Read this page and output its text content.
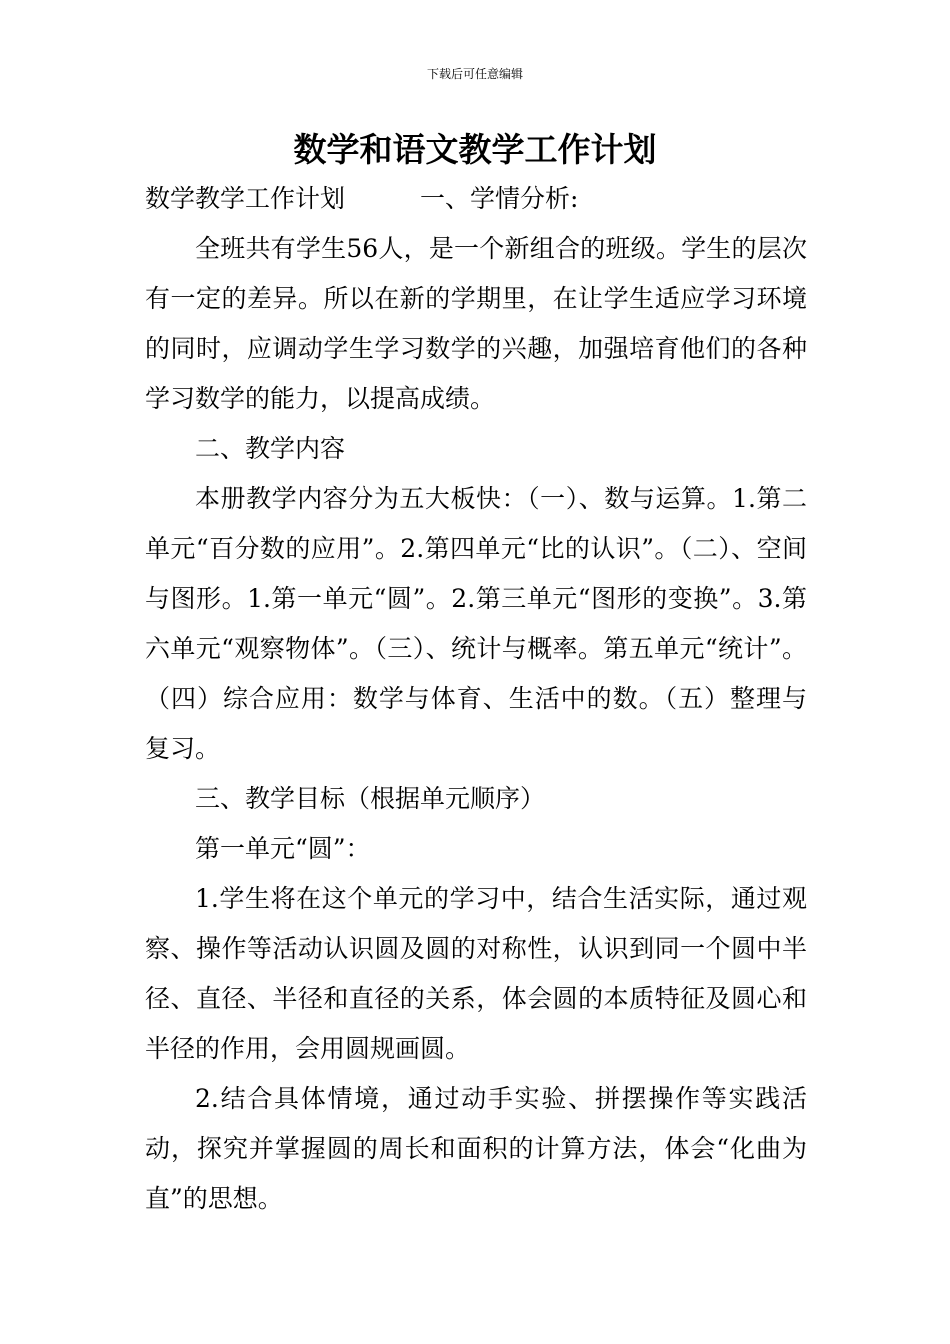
下载后可任意编辑
数学和语文教学工作计划

数学教学工作计划　　　一、学情分析:

全班共有学生56人，是一个新组合的班级。学生的层次有一定的差异。所以在新的学期里，在让学生适应学习环境的同时，应调动学生学习数学的兴趣，加强培育他们的各种学习数学的能力，以提高成绩。

二、教学内容

本册教学内容分为五大板快：（一）、数与运算。1.第二单元“百分数的应用”。2.第四单元“比的认识”。（二）、空间与图形。1.第一单元“圆”。2.第三单元“图形的变换”。3.第六单元“观察物体”。（三）、统计与概率。第五单元“统计”。（四）综合应用：数学与体育、生活中的数。（五）整理与复习。

三、教学目标（根据单元顺序）

第一单元“圆”：

1.学生将在这个单元的学习中，结合生活实际，通过观察、操作等活动认识圆及圆的对称性，认识到同一个圆中半径、直径、半径和直径的关系，体会圆的本质特征及圆心和半径的作用，会用圆规画圆。

2.结合具体情境，通过动手实验、拼摆操作等实践活动，探究并掌握圆的周长和面积的计算方法，体会“化曲为直”的思想。
